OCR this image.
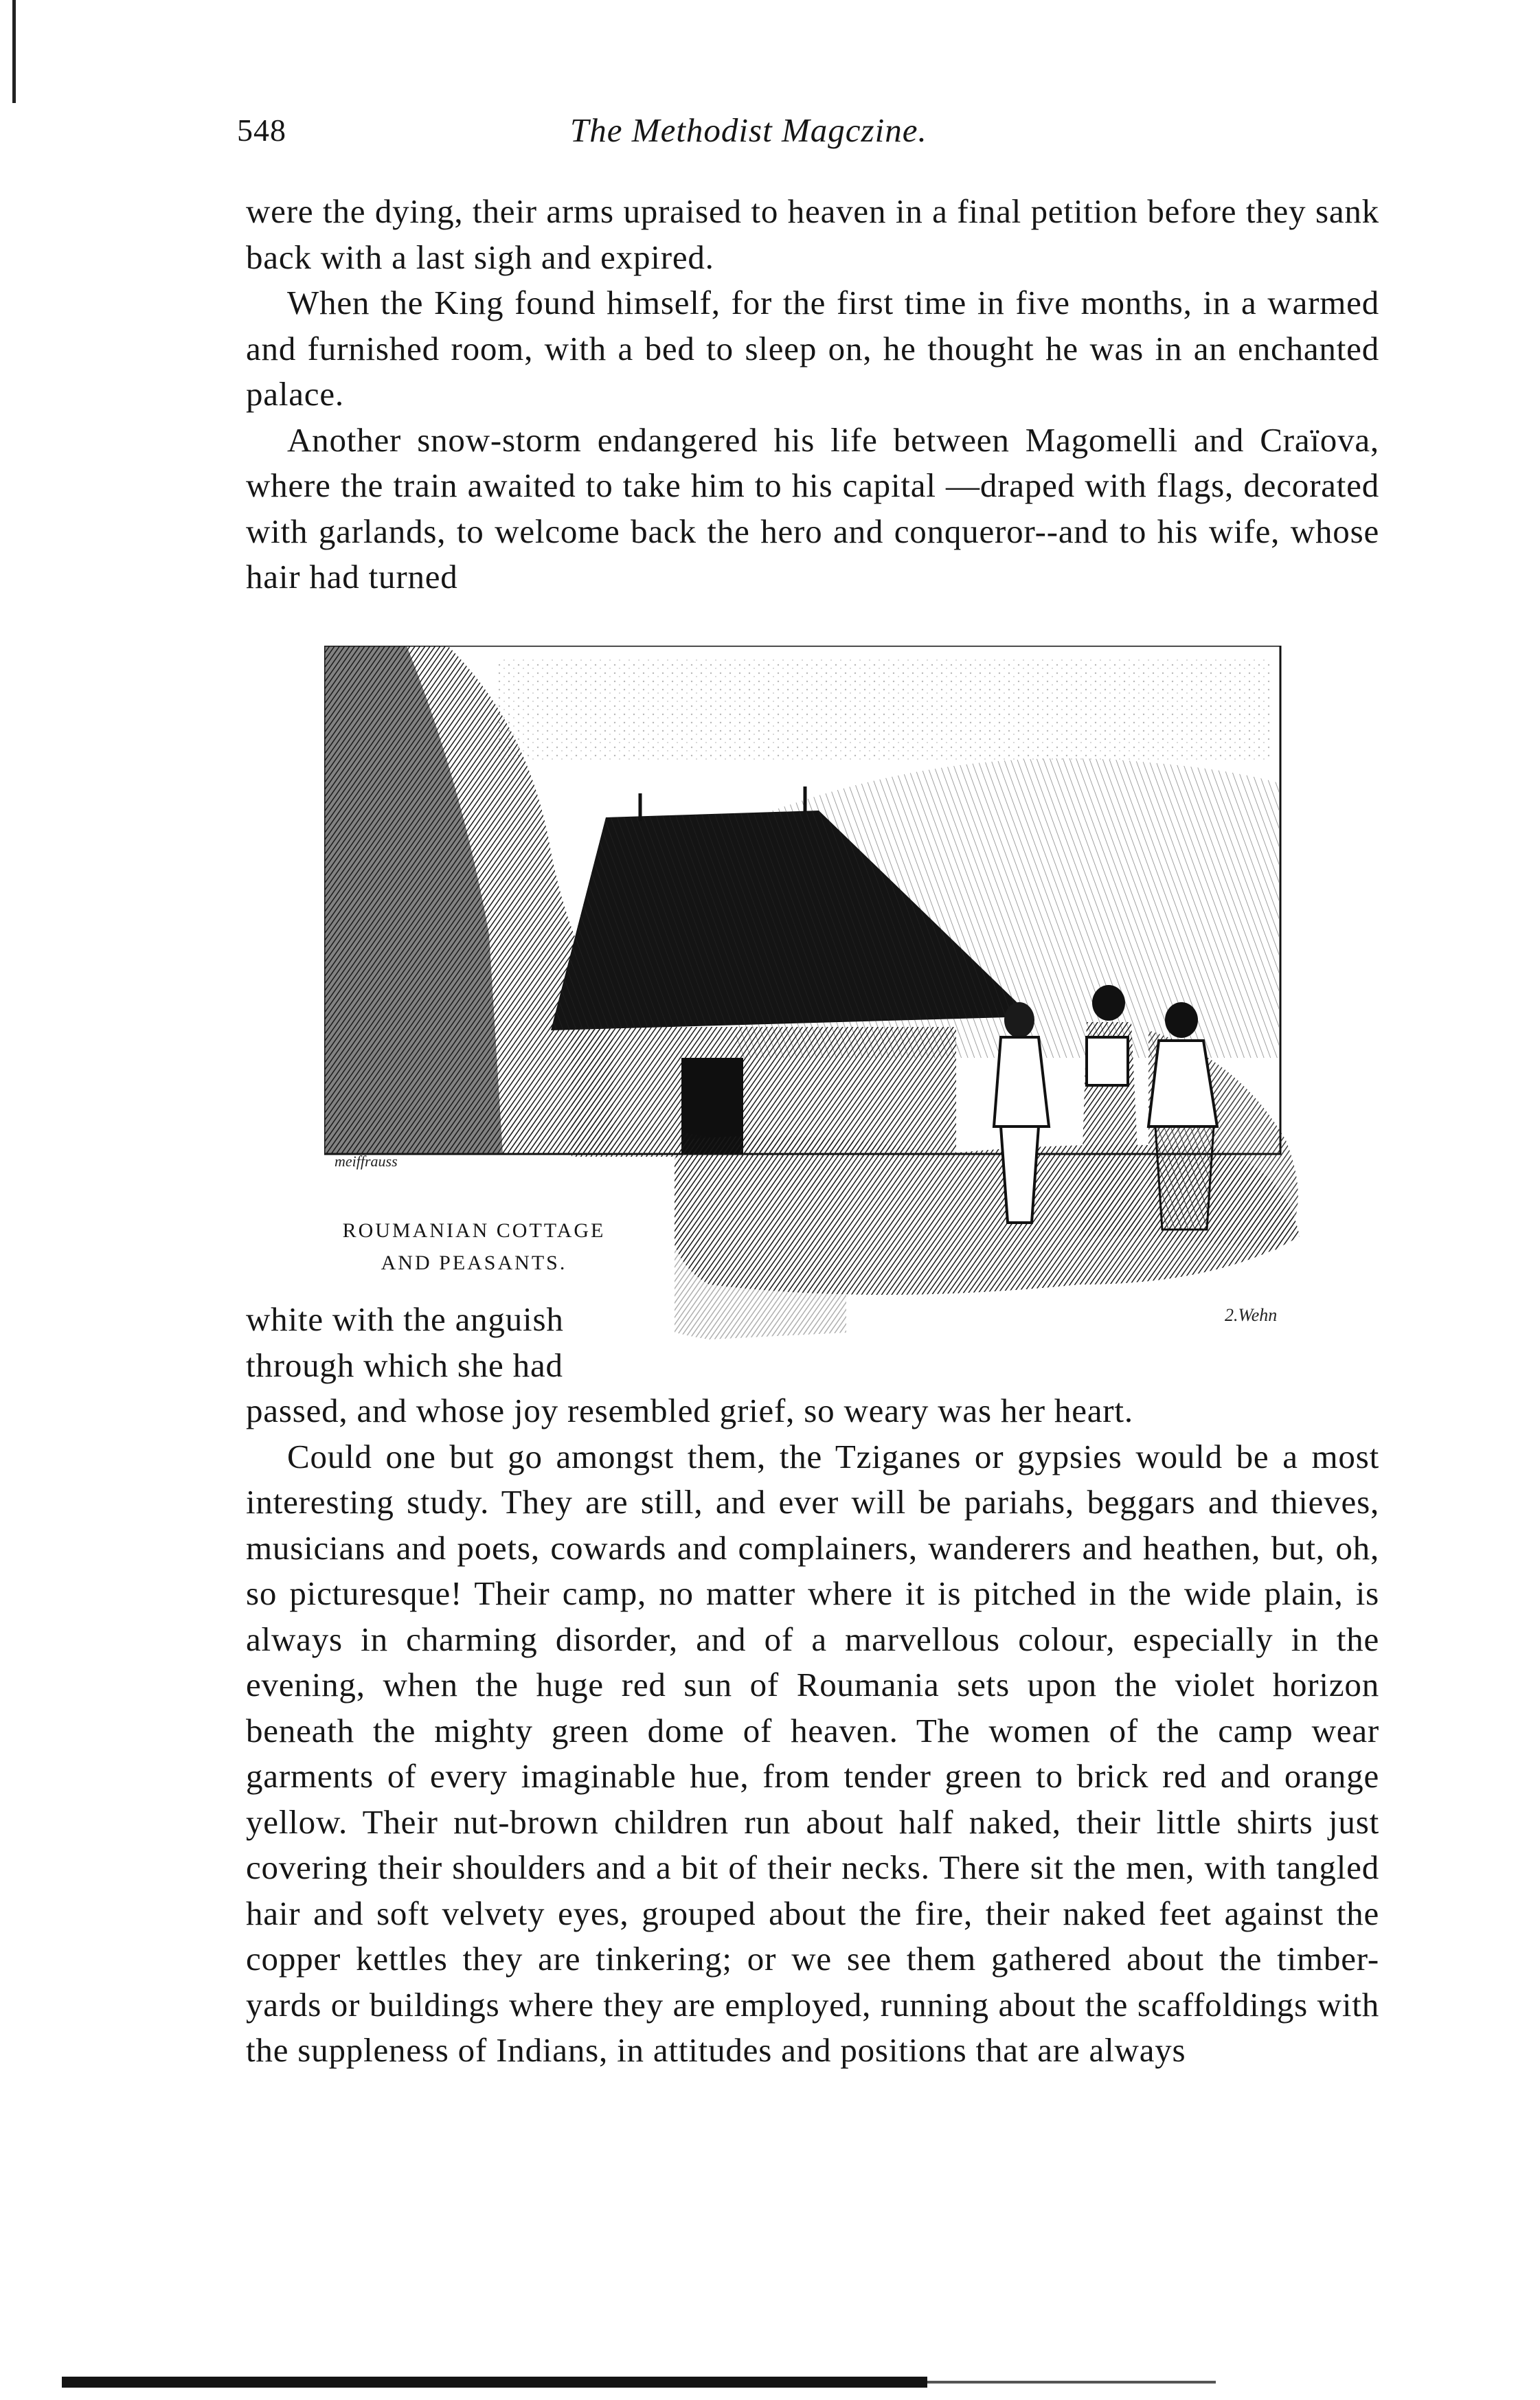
548	The Methodist Magczine.

were the dying, their arms upraised to heaven in a final petition before they sank back with a last sigh and expired.

When the King found himself, for the first time in five months, in a warmed and furnished room, with a bed to sleep on, he thought he was in an enchanted palace.

Another snow-storm endangered his life between Magomelli and Craïova, where the train awaited to take him to his capital —draped with flags, decorated with garlands, to welcome back the hero and conqueror--and to his wife, whose hair had turned

meiffrauss
2.Wehn
ROUMANIAN COTTAGE
AND PEASANTS.

white with the anguish

through which she had

passed, and whose joy resembled grief, so weary was her heart.

Could one but go amongst them, the Tziganes or gypsies would be a most interesting study. They are still, and ever will be pariahs, beggars and thieves, musicians and poets, cowards and complainers, wanderers and heathen, but, oh, so picturesque! Their camp, no matter where it is pitched in the wide plain, is always in charming disorder, and of a marvellous colour, especially in the evening, when the huge red sun of Roumania sets upon the violet horizon beneath the mighty green dome of heaven. The women of the camp wear garments of every imaginable hue, from tender green to brick red and orange yellow. Their nut-brown children run about half naked, their little shirts just covering their shoulders and a bit of their necks. There sit the men, with tangled hair and soft velvety eyes, grouped about the fire, their naked feet against the copper kettles they are tinkering; or we see them gathered about the timber-yards or buildings where they are employed, running about the scaffoldings with the suppleness of Indians, in attitudes and positions that are always
